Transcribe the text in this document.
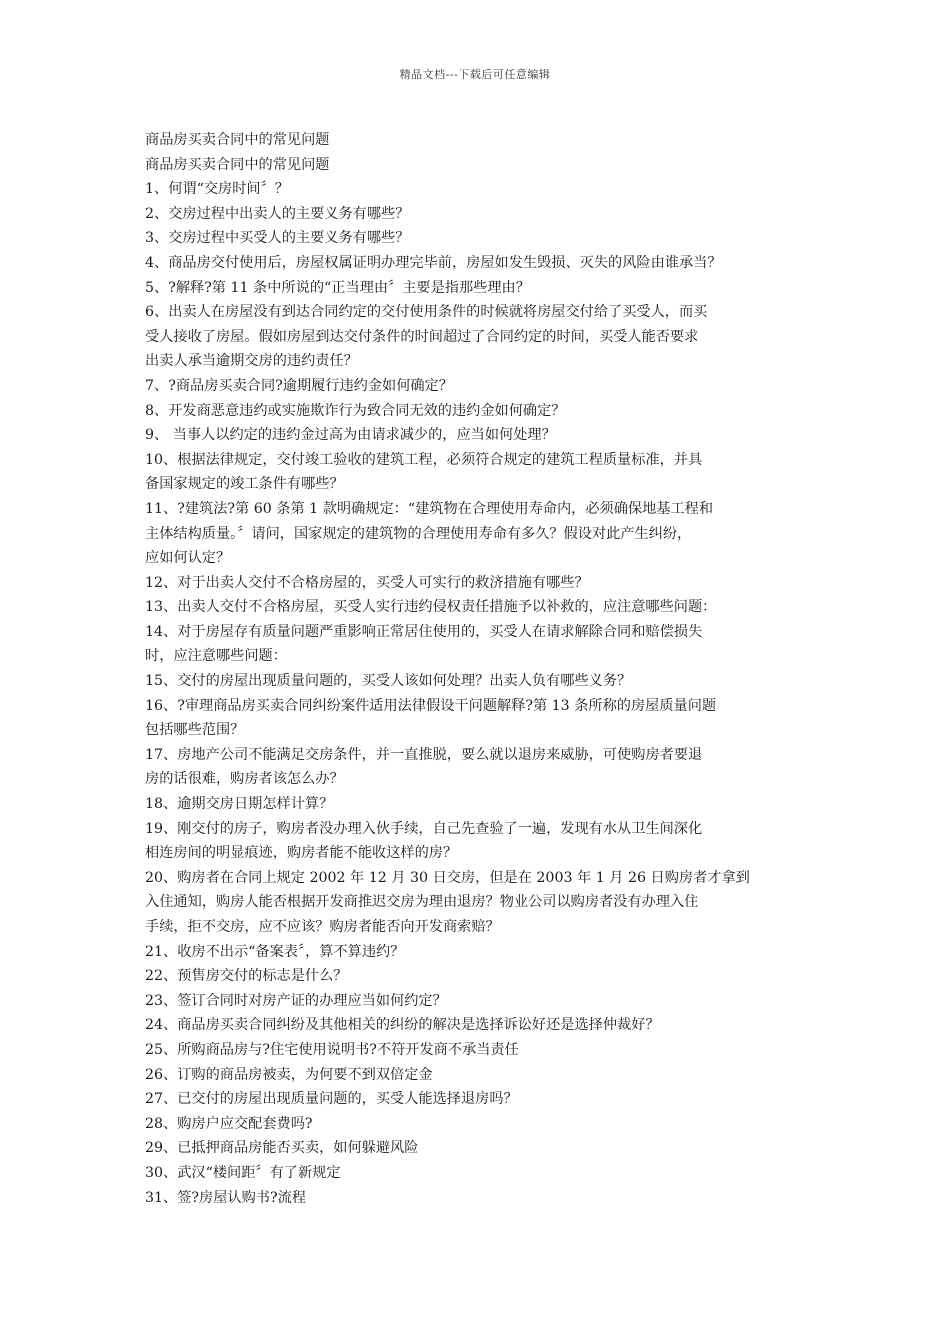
精品文档---下载后可任意编辑
商品房买卖合同中的常见问题
商品房买卖合同中的常见问题
1、何谓“交房时间〞？
2、交房过程中出卖人的主要义务有哪些？
3、交房过程中买受人的主要义务有哪些？
4、商品房交付使用后，房屋权属证明办理完毕前，房屋如发生毁损、灭失的风险由谁承当？
5、?解释?第 11 条中所说的“正当理由〞主要是指那些理由？
6、出卖人在房屋没有到达合同约定的交付使用条件的时候就将房屋交付给了买受人，而买
受人接收了房屋。假如房屋到达交付条件的时间超过了合同约定的时间，买受人能否要求
出卖人承当逾期交房的违约责任？
7、?商品房买卖合同?逾期履行违约金如何确定？
8、开发商恶意违约或实施欺诈行为致合同无效的违约金如何确定？
9、 当事人以约定的违约金过高为由请求减少的，应当如何处理？
10、根据法律规定，交付竣工验收的建筑工程，必须符合规定的建筑工程质量标准，并具
备国家规定的竣工条件有哪些？
11、?建筑法?第 60 条第 1 款明确规定：“建筑物在合理使用寿命内，必须确保地基工程和
主体结构质量。〞请问，国家规定的建筑物的合理使用寿命有多久？假设对此产生纠纷，
应如何认定？
12、对于出卖人交付不合格房屋的，买受人可实行的救济措施有哪些？
13、出卖人交付不合格房屋，买受人实行违约侵权责任措施予以补救的，应注意哪些问题：
14、对于房屋存有质量问题严重影响正常居住使用的，买受人在请求解除合同和赔偿损失
时，应注意哪些问题：
15、交付的房屋出现质量问题的，买受人该如何处理？出卖人负有哪些义务？
16、?审理商品房买卖合同纠纷案件适用法律假设干问题解释?第 13 条所称的房屋质量问题
包括哪些范围？
17、房地产公司不能满足交房条件，并一直推脱，要么就以退房来威胁，可使购房者要退
房的话很难，购房者该怎么办？
18、逾期交房日期怎样计算？
19、刚交付的房子，购房者没办理入伙手续，自己先查验了一遍，发现有水从卫生间深化
相连房间的明显痕迹，购房者能不能收这样的房？
20、购房者在合同上规定 2002 年 12 月 30 日交房，但是在 2003 年 1 月 26 日购房者才拿到
入住通知，购房人能否根据开发商推迟交房为理由退房？物业公司以购房者没有办理入住
手续，拒不交房，应不应该？购房者能否向开发商索赔？
21、收房不出示“备案表〞，算不算违约？
22、预售房交付的标志是什么？
23、签订合同时对房产证的办理应当如何约定？
24、商品房买卖合同纠纷及其他相关的纠纷的解决是选择诉讼好还是选择仲裁好？
25、所购商品房与?住宅使用说明书?不符开发商不承当责任
26、订购的商品房被卖，为何要不到双倍定金
27、已交付的房屋出现质量问题的，买受人能选择退房吗？
28、购房户应交配套费吗?
29、已抵押商品房能否买卖，如何躲避风险
30、武汉“楼间距〞有了新规定
31、签?房屋认购书?流程
